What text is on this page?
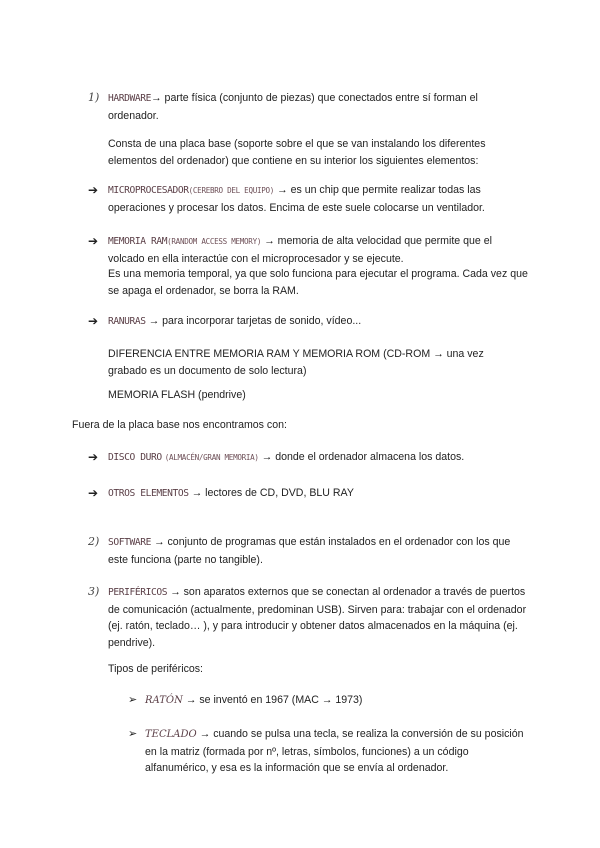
1) HARDWARE→ parte física (conjunto de piezas) que conectados entre sí forman el ordenador.

Consta de una placa base (soporte sobre el que se van instalando los diferentes elementos del ordenador) que contiene en su interior los siguientes elementos:

➔ MICROPROCESADOR(CEREBRO DEL EQUIPO) → es un chip que permite realizar todas las operaciones y procesar los datos. Encima de este suele colocarse un ventilador.

➔ MEMORIA RAM(RANDOM ACCESS MEMORY) → memoria de alta velocidad que permite que el volcado en ella interactúe con el microprocesador y se ejecute.

Es una memoria temporal, ya que solo funciona para ejecutar el programa. Cada vez que se apaga el ordenador, se borra la RAM.

➔ RANURAS → para incorporar tarjetas de sonido, vídeo...

DIFERENCIA ENTRE MEMORIA RAM Y MEMORIA ROM (CD-ROM → una vez grabado es un documento de solo lectura)

MEMORIA FLASH (pendrive)

Fuera de la placa base nos encontramos con:

➔ DISCO DURO (ALMACÉN/GRAN MEMORIA) → donde el ordenador almacena los datos.

➔ OTROS ELEMENTOS → lectores de CD, DVD, BLU RAY

2) SOFTWARE → conjunto de programas que están instalados en el ordenador con los que este funciona (parte no tangible).

3) PERIFÉRICOS → son aparatos externos que se conectan al ordenador a través de puertos de comunicación (actualmente, predominan USB). Sirven para: trabajar con el ordenador (ej. ratón, teclado… ), y para introducir y obtener datos almacenados en la máquina (ej. pendrive).

Tipos de periféricos:

➢ RATÓN → se inventó en 1967 (MAC → 1973)

➢ TECLADO → cuando se pulsa una tecla, se realiza la conversión de su posición en la matriz (formada por nº, letras, símbolos, funciones) a un código alfanumérico, y esa es la información que se envía al ordenador.
